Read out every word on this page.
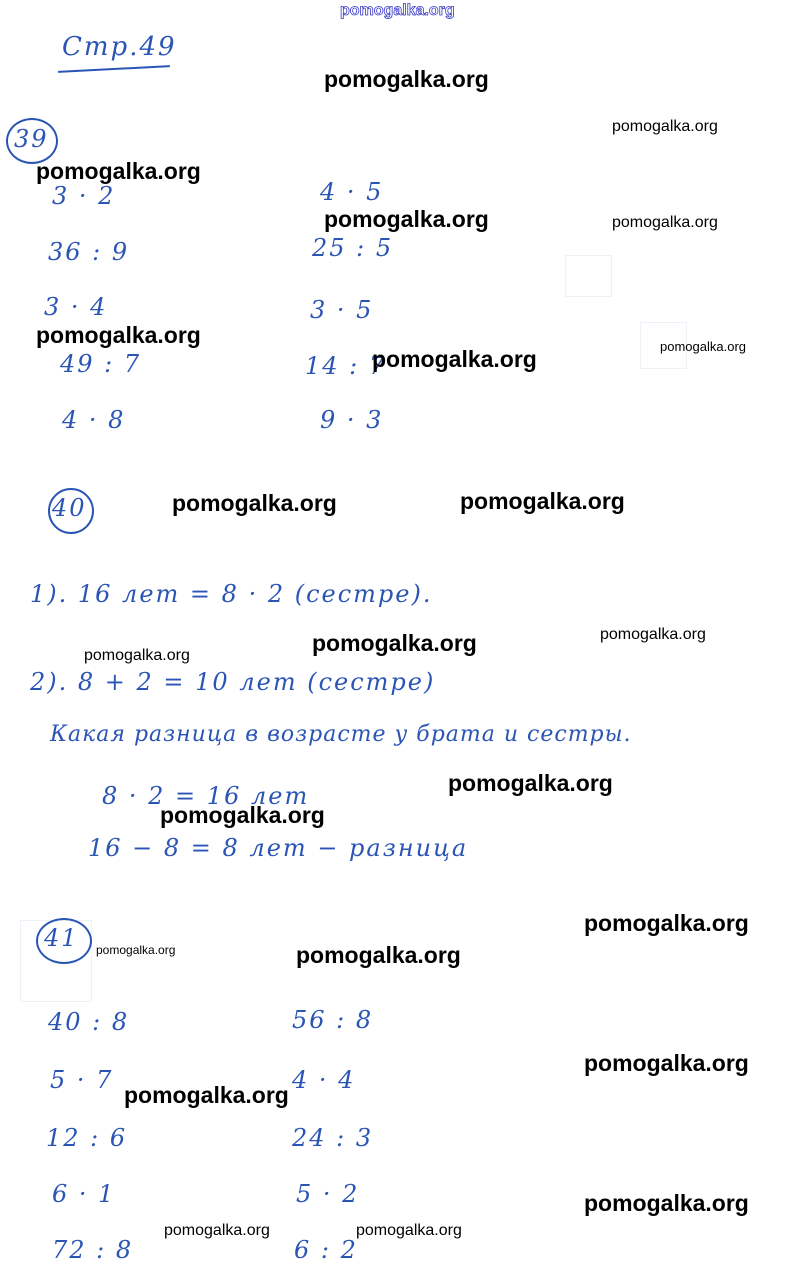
pomogalka.org
Стр.49
39
3 · 2
36 : 9
3 · 4
49 : 7
4 · 8
4 · 5
25 : 5
3 · 5
14 : 7
9 · 3
40
1). 16 лет = 8 · 2 (сестре).
2). 8 + 2 = 10 лет (сестре)
Какая разница в возрасте у брата и сестры.
8 · 2 = 16 лет
16 − 8 = 8 лет − разница
41
40 : 8
5 · 7
12 : 6
6 · 1
72 : 8
56 : 8
4 · 4
24 : 3
5 · 2
6 : 2
pomogalka.org
pomogalka.org
pomogalka.org
pomogalka.org	pomogalka.org
pomogalka.org	pomogalka.org
pomogalka.org
pomogalka.org
pomogalka.org
pomogalka.org
pomogalka.org
pomogalka.org
pomogalka.org
pomogalka.org
pomogalka.org
pomogalka.org
pomogalka.org
pomogalka.org
pomogalka.org
pomogalka.org
pomogalka.org	pomogalka.org
